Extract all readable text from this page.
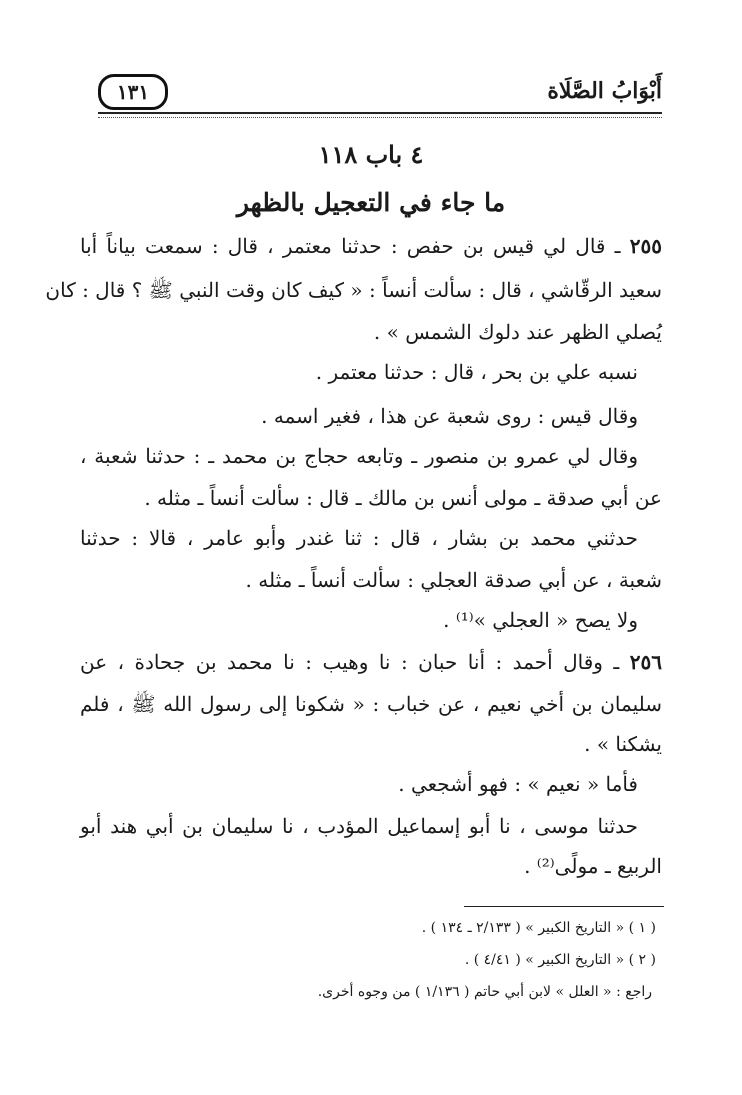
أَبْوَابُ الصَّلَاة
١٣١
٤ باب ١١٨
ما جاء في التعجيل بالظهر
٢٥٥ ـ قال لي قيس بن حفص : حدثنا معتمر ، قال : سمعت بياناً أبا
سعيد الرقّاشي ، قال : سألت أنساً : « كيف كان وقت النبي ﷺ ؟ قال : كان
يُصلي الظهر عند دلوك الشمس » .
نسبه علي بن بحر ، قال : حدثنا معتمر .
وقال قيس : روى شعبة عن هذا ، فغير اسمه .
وقال لي عمرو بن منصور ـ وتابعه حجاج بن محمد ـ : حدثنا شعبة ،
عن أبي صدقة ـ مولى أنس بن مالك ـ قال : سألت أنساً ـ مثله .
حدثني محمد بن بشار ، قال : ثنا غندر وأبو عامر ، قالا : حدثنا
شعبة ، عن أبي صدقة العجلي : سألت أنساً ـ مثله .
ولا يصح « العجلي »⁽¹⁾ .
٢٥٦ ـ وقال أحمد : أنا حبان : نا وهيب : نا محمد بن جحادة ، عن
سليمان بن أخي نعيم ، عن خباب : « شكونا إلى رسول الله ﷺ ، فلم
يشكنا » .
فأما « نعيم » : فهو أشجعي .
حدثنا موسى ، نا أبو إسماعيل المؤدب ، نا سليمان بن أبي هند أبو
الربيع ـ مولًى⁽²⁾ .
( ١ ) « التاريخ الكبير » ( ٢/١٣٣ ـ ١٣٤ ) .
( ٢ ) « التاريخ الكبير » ( ٤/٤١ ) .
راجع : « العلل » لابن أبي حاتم ( ١/١٣٦ ) من وجوه أخرى.
